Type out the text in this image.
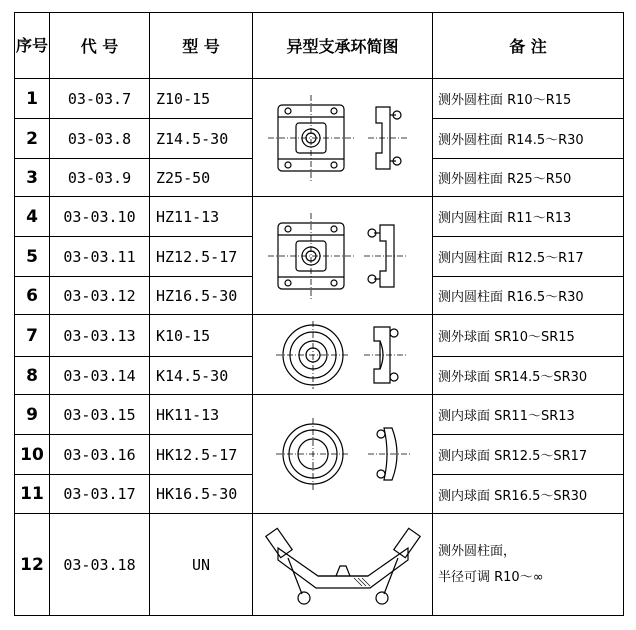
序号	代 号	型 号	异型支承环简图	备 注
1	03-03.7	Z10-15		测外圆柱面 R10～R15
2	03-03.8	Z14.5-30		测外圆柱面 R14.5～R30
3	03-03.9	Z25-50		测外圆柱面 R25～R50
4	03-03.10	HZ11-13		测内圆柱面 R11～R13
5	03-03.11	HZ12.5-17		测内圆柱面 R12.5～R17
6	03-03.12	HZ16.5-30		测内圆柱面 R16.5～R30
7	03-03.13	K10-15		测外球面 SR10～SR15
8	03-03.14	K14.5-30		测外球面 SR14.5～SR30
9	03-03.15	HK11-13		测内球面 SR11～SR13
10	03-03.16	HK12.5-17		测内球面 SR12.5～SR17
11	03-03.17	HK16.5-30		测内球面 SR16.5～SR30
12	03-03.18	UN		测外圆柱面，
半径可调 R10～∞
